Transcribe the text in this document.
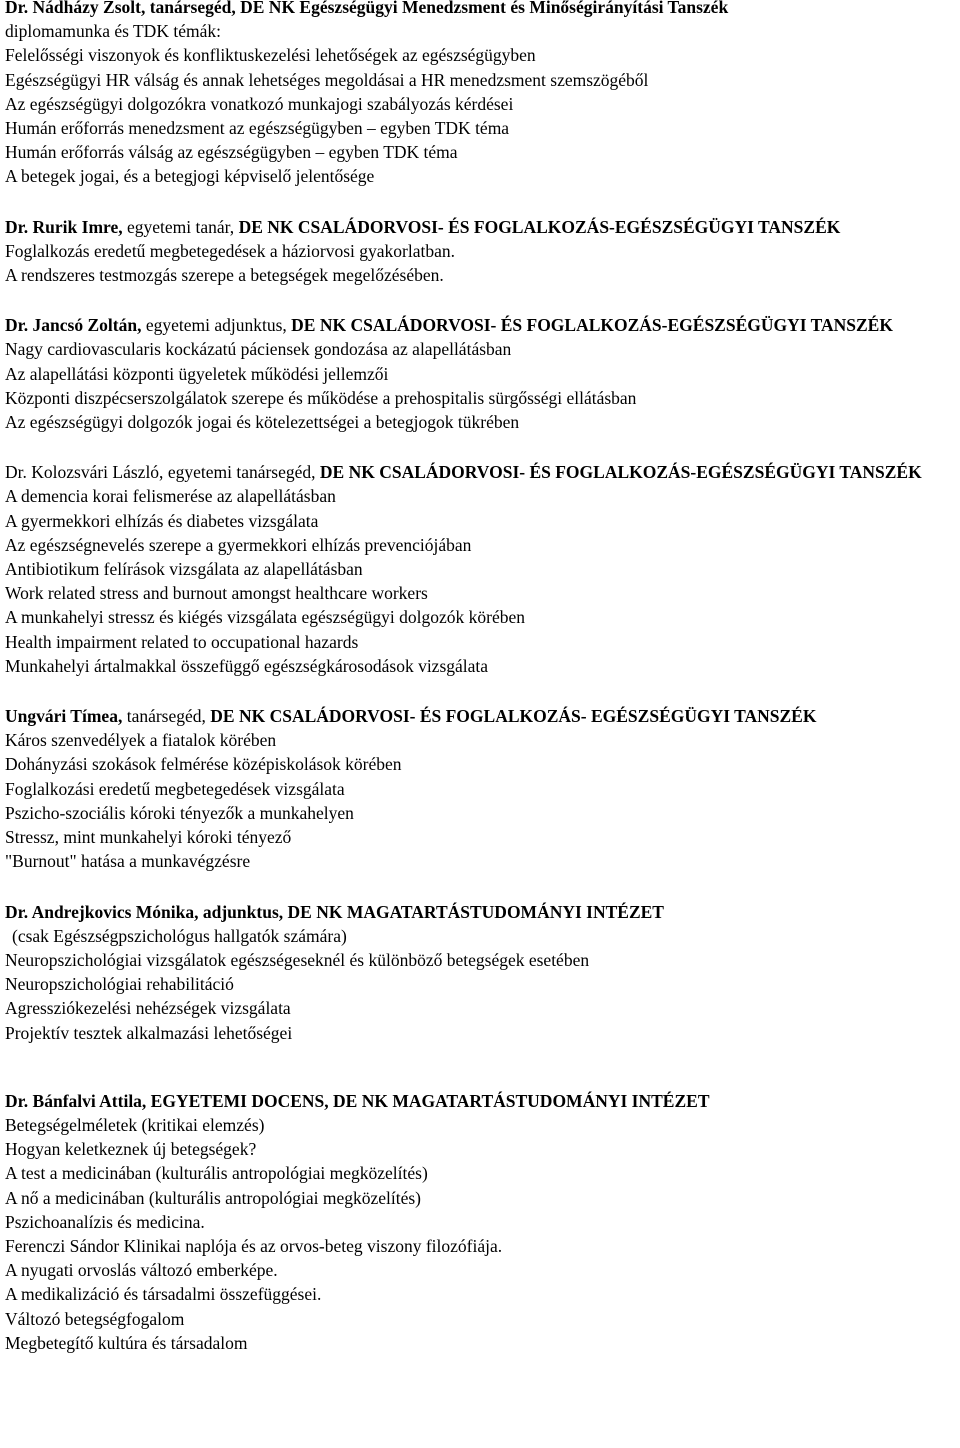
Dr. Nádházy Zsolt, tanársegéd, DE NK Egészségügyi Menedzsment és Minőségirányítási Tanszék

diplomamunka és TDK témák:
Felelősségi viszonyok és konfliktuskezelési lehetőségek az egészségügyben
Egészségügyi HR válság és annak lehetséges megoldásai a HR menedzsment szemszögéből
Az egészségügyi dolgozókra vonatkozó munkajogi szabályozás kérdései
Humán erőforrás menedzsment az egészségügyben – egyben TDK téma
Humán erőforrás válság az egészségügyben – egyben TDK téma
A betegek jogai, és a betegjogi képviselő jelentősége

Dr. Rurik Imre, egyetemi tanár, DE NK CSALÁDORVOSI- ÉS FOGLALKOZÁS-EGÉSZSÉGÜGYI TANSZÉK

Foglalkozás eredetű megbetegedések a háziorvosi gyakorlatban.
A rendszeres testmozgás szerepe a betegségek megelőzésében.

Dr. Jancsó Zoltán, egyetemi adjunktus, DE NK CSALÁDORVOSI- ÉS FOGLALKOZÁS-EGÉSZSÉGÜGYI TANSZÉK

Nagy cardiovascularis kockázatú páciensek gondozása az alapellátásban
Az alapellátási központi ügyeletek működési jellemzői
Központi diszpécserszolgálatok szerepe és működése a prehospitalis sürgősségi ellátásban
Az egészségügyi dolgozók jogai és kötelezettségei a betegjogok tükrében

Dr. Kolozsvári László, egyetemi tanársegéd, DE NK CSALÁDORVOSI- ÉS FOGLALKOZÁS-EGÉSZSÉGÜGYI TANSZÉK

A demencia korai felismerése az alapellátásban
A gyermekkori elhízás és diabetes vizsgálata
Az egészségnevelés szerepe a gyermekkori elhízás prevenciójában
Antibiotikum felírások vizsgálata az alapellátásban
Work related stress and burnout amongst healthcare workers
A munkahelyi stressz és kiégés vizsgálata egészségügyi dolgozók körében
Health impairment related to occupational hazards
Munkahelyi ártalmakkal összefüggő egészségkárosodások vizsgálata

Ungvári Tímea, tanársegéd, DE NK CSALÁDORVOSI- ÉS FOGLALKOZÁS- EGÉSZSÉGÜGYI TANSZÉK

Káros szenvedélyek a fiatalok körében
Dohányzási szokások felmérése középiskolások körében
Foglalkozási eredetű megbetegedések vizsgálata
Pszicho-szociális kóroki tényezők a munkahelyen
Stressz, mint munkahelyi kóroki tényező
"Burnout" hatása a munkavégzésre

Dr. Andrejkovics Mónika, adjunktus, DE NK MAGATARTÁSTUDOMÁNYI INTÉZET

(csak Egészségpszichológus hallgatók számára)
Neuropszichológiai vizsgálatok egészségeseknél és különböző betegségek esetében
Neuropszichológiai rehabilitáció
Agressziókezelési nehézségek vizsgálata
Projektív tesztek alkalmazási lehetőségei

Dr. Bánfalvi Attila, EGYETEMI DOCENS, DE NK MAGATARTÁSTUDOMÁNYI INTÉZET

Betegségelméletek (kritikai elemzés)
Hogyan keletkeznek új betegségek?
A test a medicinában (kulturális antropológiai megközelítés)
A nő a medicinában (kulturális antropológiai megközelítés)
Pszichoanalízis és medicina.
Ferenczi Sándor Klinikai naplója és az orvos-beteg viszony filozófiája.
A nyugati orvoslás változó emberképe.
A medikalizáció és társadalmi összefüggései.
Változó betegségfogalom
Megbetegítő kultúra és társadalom
